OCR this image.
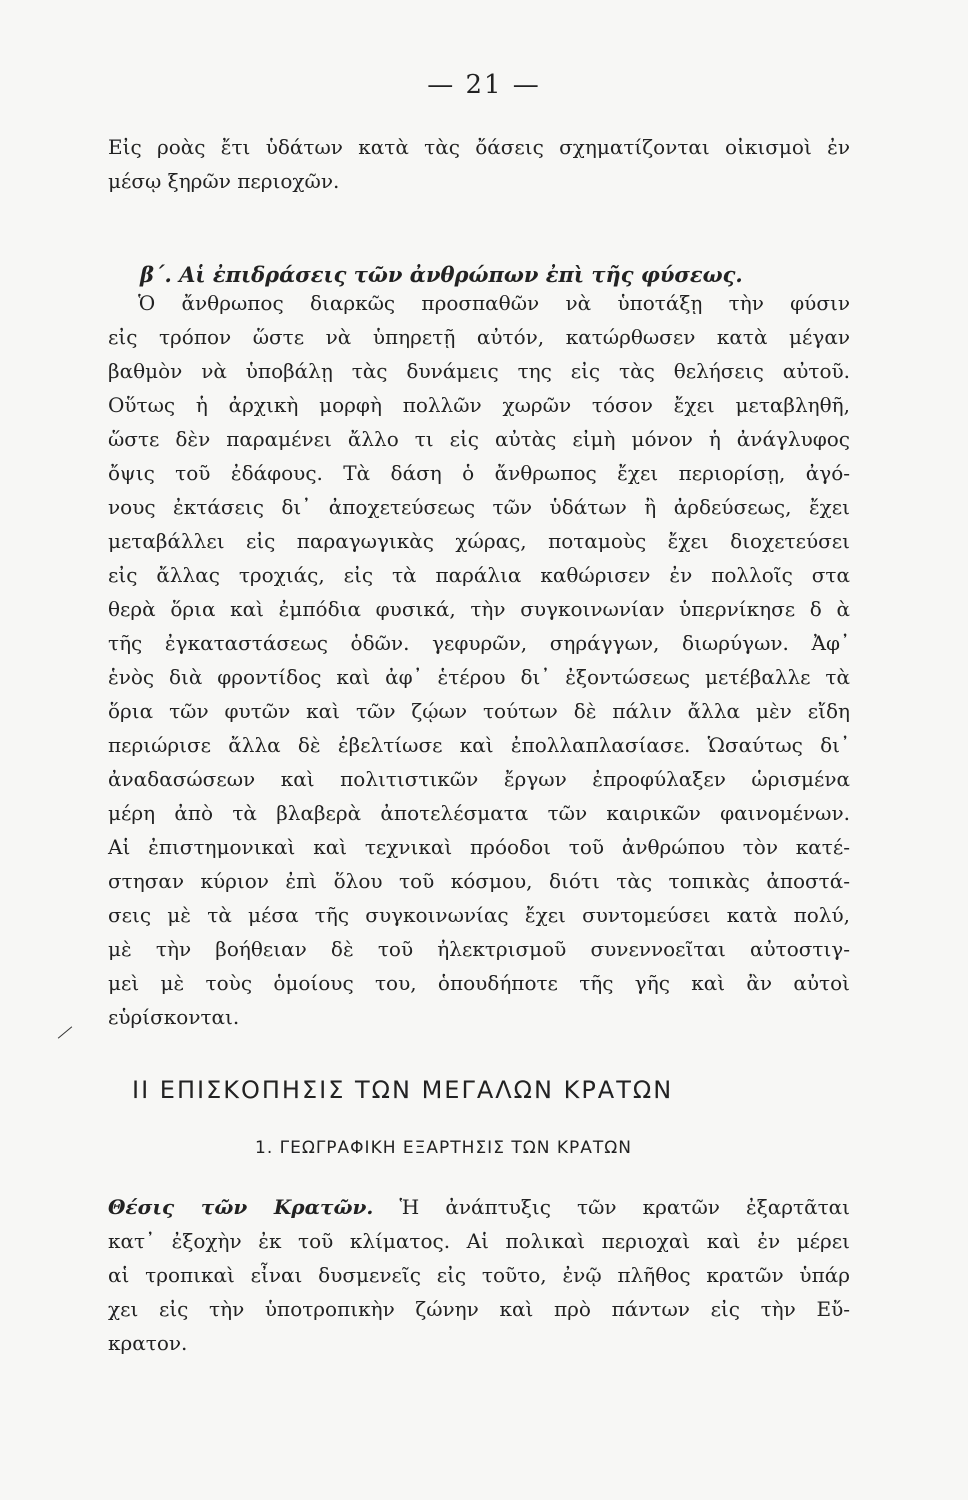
— 21 —
Εἰς ροὰς ἔτι ὑδάτων κατὰ τὰς ὄάσεις σχηματίζονται οἰκισμοὶ ἐν
μέσῳ ξηρῶν περιοχῶν.
β΄. Αἱ ἐπιδράσεις τῶν ἀνθρώπων ἐπὶ τῆς φύσεως.
Ὁ ἄνθρωπος διαρκῶς προσπαθῶν νὰ ὑποτάξῃ τὴν φύσιν
εἰς τρόπον ὥστε νὰ ὑπηρετῇ αὐτόν, κατώρθωσεν κατὰ μέγαν
βαθμὸν νὰ ὑποβάλῃ τὰς δυνάμεις της εἰς τὰς θελήσεις αὐτοῦ.
Οὕτως ἡ ἀρχικὴ μορφὴ πολλῶν χωρῶν τόσον ἔχει μεταβληθῆ,
ὥστε δὲν παραμένει ἄλλο τι εἰς αὐτὰς εἰμὴ μόνον ἡ ἀνάγλυφος
ὄψις τοῦ ἐδάφους. Τὰ δάση ὁ ἄνθρωπος ἔχει περιορίσῃ, ἀγό-
νους ἐκτάσεις δι᾽ ἀποχετεύσεως τῶν ὑδάτων ἢ ἀρδεύσεως, ἔχει
μεταβάλλει εἰς παραγωγικὰς χώρας, ποταμοὺς ἔχει διοχετεύσει
εἰς ἄλλας τροχιάς, εἰς τὰ παράλια καθώρισεν ἐν πολλοῖς στα
θερὰ ὅρια καὶ ἐμπόδια φυσικά, τὴν συγκοινωνίαν ὑπερνίκησε δ ὰ
τῆς ἐγκαταστάσεως ὁδῶν. γεφυρῶν, σηράγγων, διωρύγων. Ἀφ᾽
ἑνὸς διὰ φροντίδος καὶ ἀφ᾽ ἑτέρου δι᾽ ἐξοντώσεως μετέβαλλε τὰ
ὅρια τῶν φυτῶν καὶ τῶν ζῴων τούτων δὲ πάλιν ἄλλα μὲν εἴδη
περιώρισε ἄλλα δὲ ἐβελτίωσε καὶ ἐπολλαπλασίασε. Ὡσαύτως δι᾽
ἀναδασώσεων καὶ πολιτιστικῶν ἔργων ἐπροφύλαξεν ὡρισμένα
μέρη ἀπὸ τὰ βλαβερὰ ἀποτελέσματα τῶν καιρικῶν φαινομένων.
Αἱ ἐπιστημονικαὶ καὶ τεχνικαὶ πρόοδοι τοῦ ἀνθρώπου τὸν κατέ-
στησαν κύριον ἐπὶ ὅλου τοῦ κόσμου, διότι τὰς τοπικὰς ἀποστά-
σεις μὲ τὰ μέσα τῆς συγκοινωνίας ἔχει συντομεύσει κατὰ πολύ,
μὲ τὴν βοήθειαν δὲ τοῦ ἠλεκτρισμοῦ συνεννοεῖται αὐτοστιγ-
μεὶ μὲ τοὺς ὁμοίους του, ὁπουδήποτε τῆς γῆς καὶ ἂν αὐτοὶ
εὑρίσκονται.
ΙΙ ΕΠΙΣΚΟΠΗΣΙΣ ΤΩΝ ΜΕΓΑΛΩΝ ΚΡΑΤΩΝ
1. ΓΕΩΓΡΑΦΙΚΗ ΕΞΑΡΤΗΣΙΣ ΤΩΝ ΚΡΑΤΩΝ
Θέσις τῶν Κρατῶν. Ἡ ἀνάπτυξις τῶν κρατῶν ἐξαρτᾶται
κατ᾽ ἐξοχὴν ἐκ τοῦ κλίματος. Αἱ πολικαὶ περιοχαὶ καὶ ἐν μέρει
αἱ τροπικαὶ εἶναι δυσμενεῖς εἰς τοῦτο, ἐνῷ πλῆθος κρατῶν ὑπάρ
χει εἰς τὴν ὑποτροπικὴν ζώνην καὶ πρὸ πάντων εἰς τὴν Εὔ-
κρατον.
